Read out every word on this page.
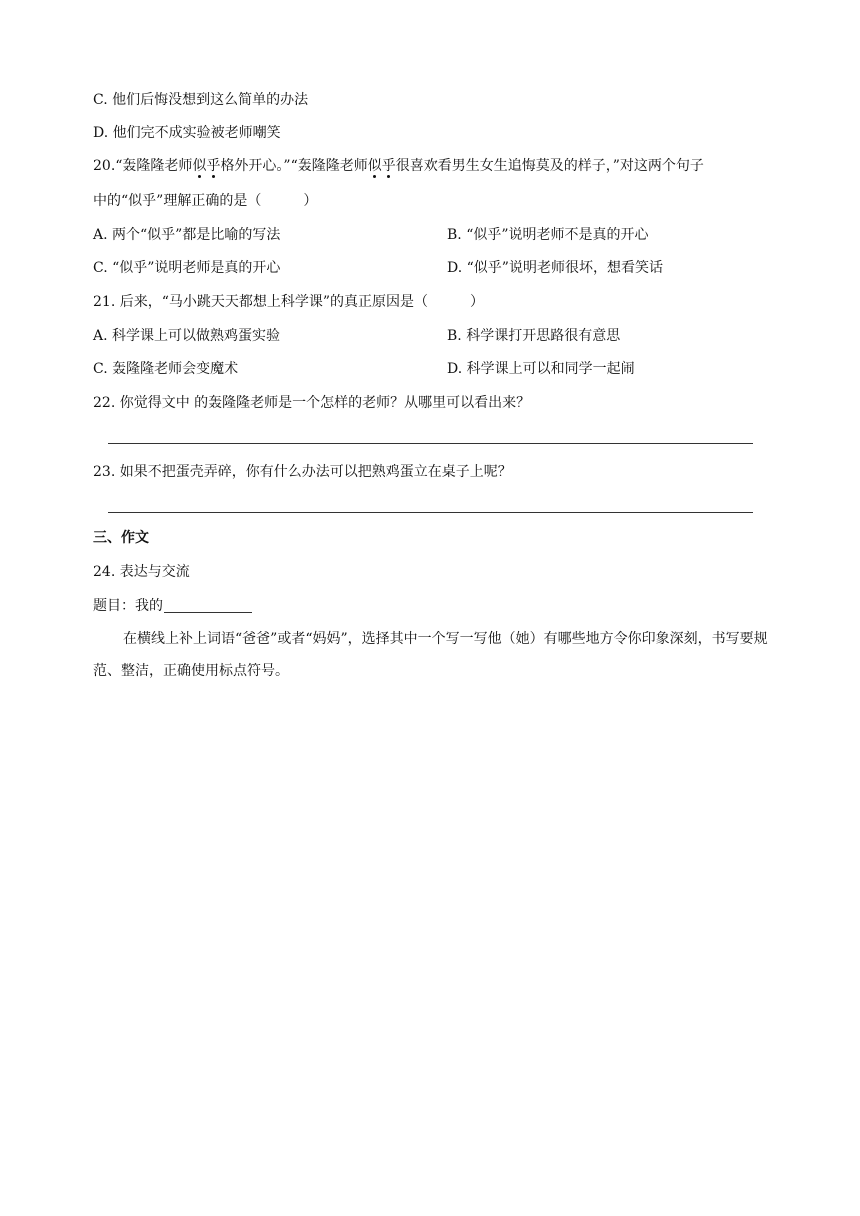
C. 他们后悔没想到这么简单的办法
D. 他们完不成实验被老师嘲笑
20.“轰隆隆老师似乎格外开心。”“轰隆隆老师似乎很喜欢看男生女生追悔莫及的样子，”对这两个句子
中的“似乎”理解正确的是（　　　）
A. 两个“似乎”都是比喻的写法	B. “似乎”说明老师不是真的开心
C. “似乎”说明老师是真的开心	D. “似乎”说明老师很坏，想看笑话
21. 后来，“马小跳天天都想上科学课”的真正原因是（　　　）
A. 科学课上可以做熟鸡蛋实验	B. 科学课打开思路很有意思
C. 轰隆隆老师会变魔术	D. 科学课上可以和同学一起闹
22. 你觉得文中 的轰隆隆老师是一个怎样的老师？从哪里可以看出来？
23. 如果不把蛋壳弄碎，你有什么办法可以把熟鸡蛋立在桌子上呢？
三、作文
24. 表达与交流
题目：我的
在横线上补上词语“爸爸”或者“妈妈”，选择其中一个写一写他（她）有哪些地方令你印象深刻，书写要规范、整洁，正确使用标点符号。
